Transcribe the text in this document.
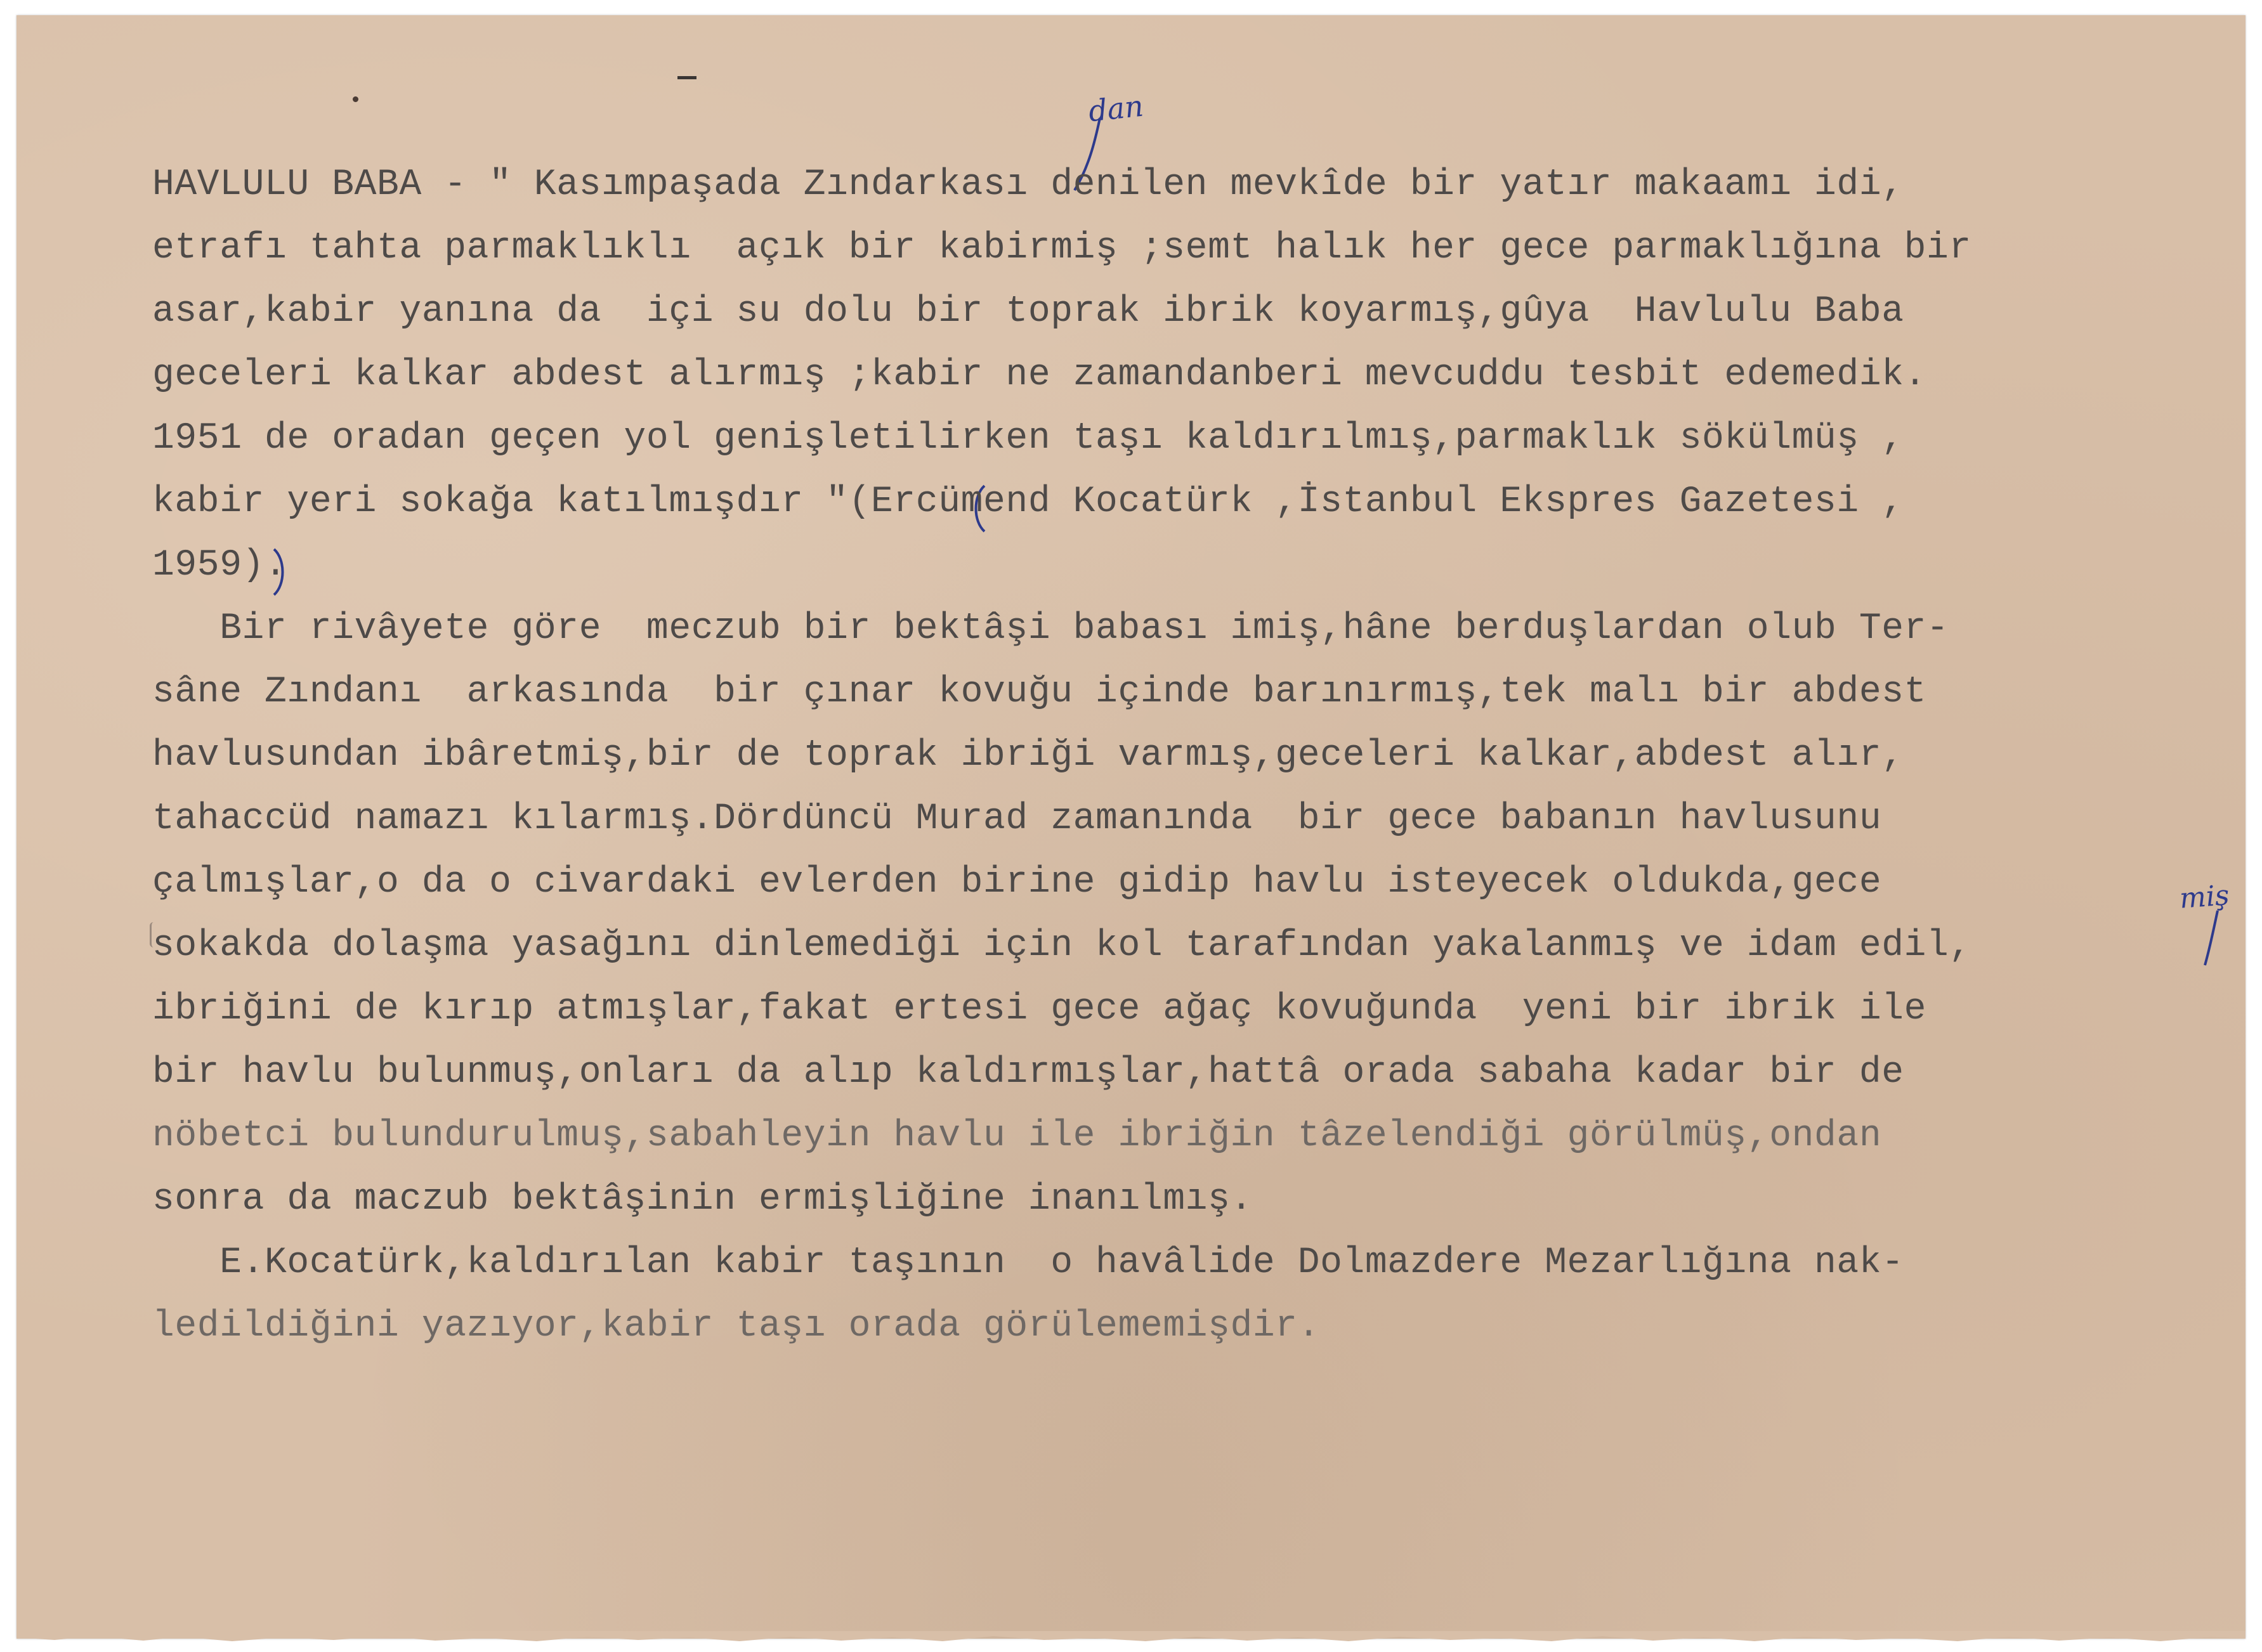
dan
miş
HAVLULU BABA - " Kasımpaşada Zındarkası denilen mevkîde bir yatır makaamı idi,
etrafı tahta parmaklıklı  açık bir kabirmiş ;semt halık her gece parmaklığına bir
asar,kabir yanına da  içi su dolu bir toprak ibrik koyarmış,gûya  Havlulu Baba
geceleri kalkar abdest alırmış ;kabir ne zamandanberi mevcuddu tesbit edemedik.
1951 de oradan geçen yol genişletilirken taşı kaldırılmış,parmaklık sökülmüş ,
kabir yeri sokağa katılmışdır "(Ercümend Kocatürk ,İstanbul Ekspres Gazetesi ,
1959).
Bir rivâyete göre  meczub bir bektâşi babası imiş,hâne berduşlardan olub Ter-
sâne Zındanı  arkasında  bir çınar kovuğu içinde barınırmış,tek malı bir abdest
havlusundan ibâretmiş,bir de toprak ibriği varmış,geceleri kalkar,abdest alır,
tahaccüd namazı kılarmış.Dördüncü Murad zamanında  bir gece babanın havlusunu
çalmışlar,o da o civardaki evlerden birine gidip havlu isteyecek oldukda,gece
sokakda dolaşma yasağını dinlemediği için kol tarafından yakalanmış ve idam edil,
ibriğini de kırıp atmışlar,fakat ertesi gece ağaç kovuğunda  yeni bir ibrik ile
bir havlu bulunmuş,onları da alıp kaldırmışlar,hattâ orada sabaha kadar bir de
nöbetci bulundurulmuş,sabahleyin havlu ile ibriğin tâzelendiği görülmüş,ondan
sonra da maczub bektâşinin ermişliğine inanılmış.
E.Kocatürk,kaldırılan kabir taşının  o havâlide Dolmazdere Mezarlığına nak-
ledildiğini yazıyor,kabir taşı orada görülememişdir.
